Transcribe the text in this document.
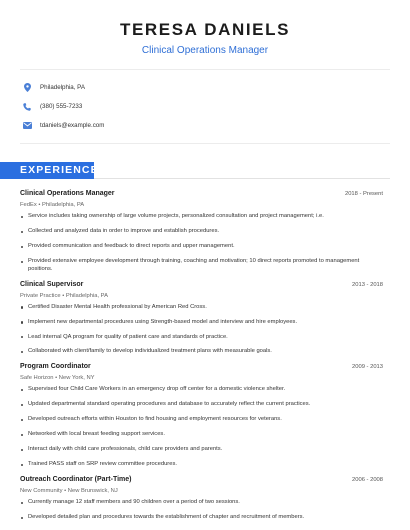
TERESA DANIELS
Clinical Operations Manager
Philadelphia, PA
(380) 555-7233
tdaniels@example.com
EXPERIENCE
Clinical Operations Manager	2018 - Present
FedEx • Philadelphia, PA
Service includes taking ownership of large volume projects, personalized consultation and project management; i.e.
Collected and analyzed data in order to improve and establish procedures.
Provided communication and feedback to direct reports and upper management.
Provided extensive employee development through training, coaching and motivation; 10 direct reports promoted to management positions.
Clinical Supervisor	2013 - 2018
Private Practice • Philadelphia, PA
Certified Disaster Mental Health professional by American Red Cross.
Implement new departmental procedures using Strength-based model and interview and hire employees.
Lead internal QA program for quality of patient care and standards of practice.
Collaborated with client/family to develop individualized treatment plans with measurable goals.
Program Coordinator	2009 - 2013
Safe Horizon • New York, NY
Supervised four Child Care Workers in an emergency drop off center for a domestic violence shelter.
Updated departmental standard operating procedures and database to accurately reflect the current practices.
Developed outreach efforts within Houston to find housing and employment resources for veterans.
Networked with local breast feeding support services.
Interact daily with child care professionals, child care providers and parents.
Trained PASS staff on SRP review committee procedures.
Outreach Coordinator (Part-Time)	2006 - 2008
New Community • New Brunswick, NJ
Currently manage 12 staff members and 90 children over a period of two sessions.
Developed detailed plan and procedures towards the establishment of chapter and recruitment of members.
